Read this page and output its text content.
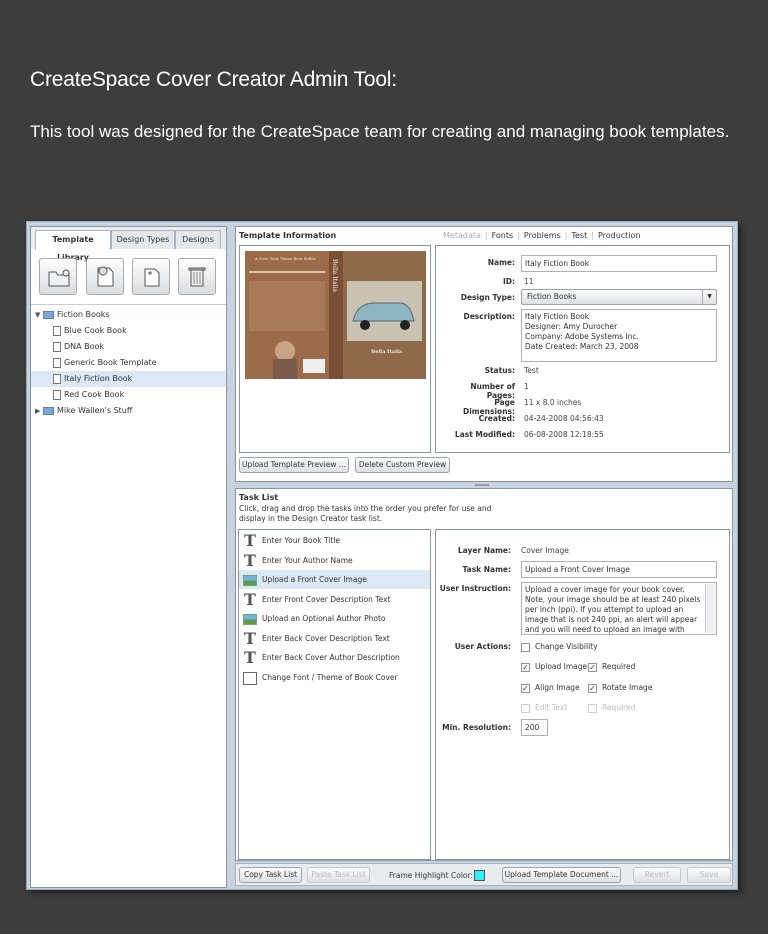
CreateSpace Cover Creator Admin Tool:
This tool was designed for the CreateSpace team for creating and managing book templates.
Template	Design Types	Designs
▼ Fiction Books
Blue Cook Book
DNA Book
Generic Book Template
Italy Fiction Book
Red Cook Book
▶ Mike Wallen's Stuff
Template Information	Metadata | Fonts | Problems | Test | Production
A New York Times Best Seller
Bella Italia
Bella Italia
Name:	Italy Fiction Book
ID: 11
Design Type:	Fiction Books	▼
Description: Italy Fiction Book
Designer: Amy Durocher
Company: Adobe Systems Inc.
Date Created: March 23, 2008
Status: Test
Number of Pages:
1
Page Dimensions:
11 x 8.0 inches
Created: 04-24-2008 04:56:43
Last Modified: 06-08-2008 12:18:55
Upload Template Preview ...	Delete Custom Preview
Task List
Click, drag and drop the tasks into the order you prefer for use and display in the Design Creator task list.
T Enter Your Book Title
T Enter Your Author Name
Upload a Front Cover Image
T Enter Front Cover Description Text
Upload an Optional Author Photo
T Enter Back Cover Description Text
T Enter Back Cover Author Description
Change Font / Theme of Book Cover
Layer Name: Cover Image
Task Name:	Upload a Front Cover Image
User Instruction:	Upload a cover image for your book cover. Note, your image should be at least 240 pixels per inch (ppi). If you attempt to upload an image that is not 240 ppi, an alert will appear and you will need to upload an image with
User Actions:	Change Visibility
✓ Upload Image ✓ Required
✓ Align Image ✓ Rotate Image
Edit Text	Required
Min. Resolution:	200
Copy Task List	Paste Task List	Frame Highlight Color:	Upload Template Document ...	Revert	Save
